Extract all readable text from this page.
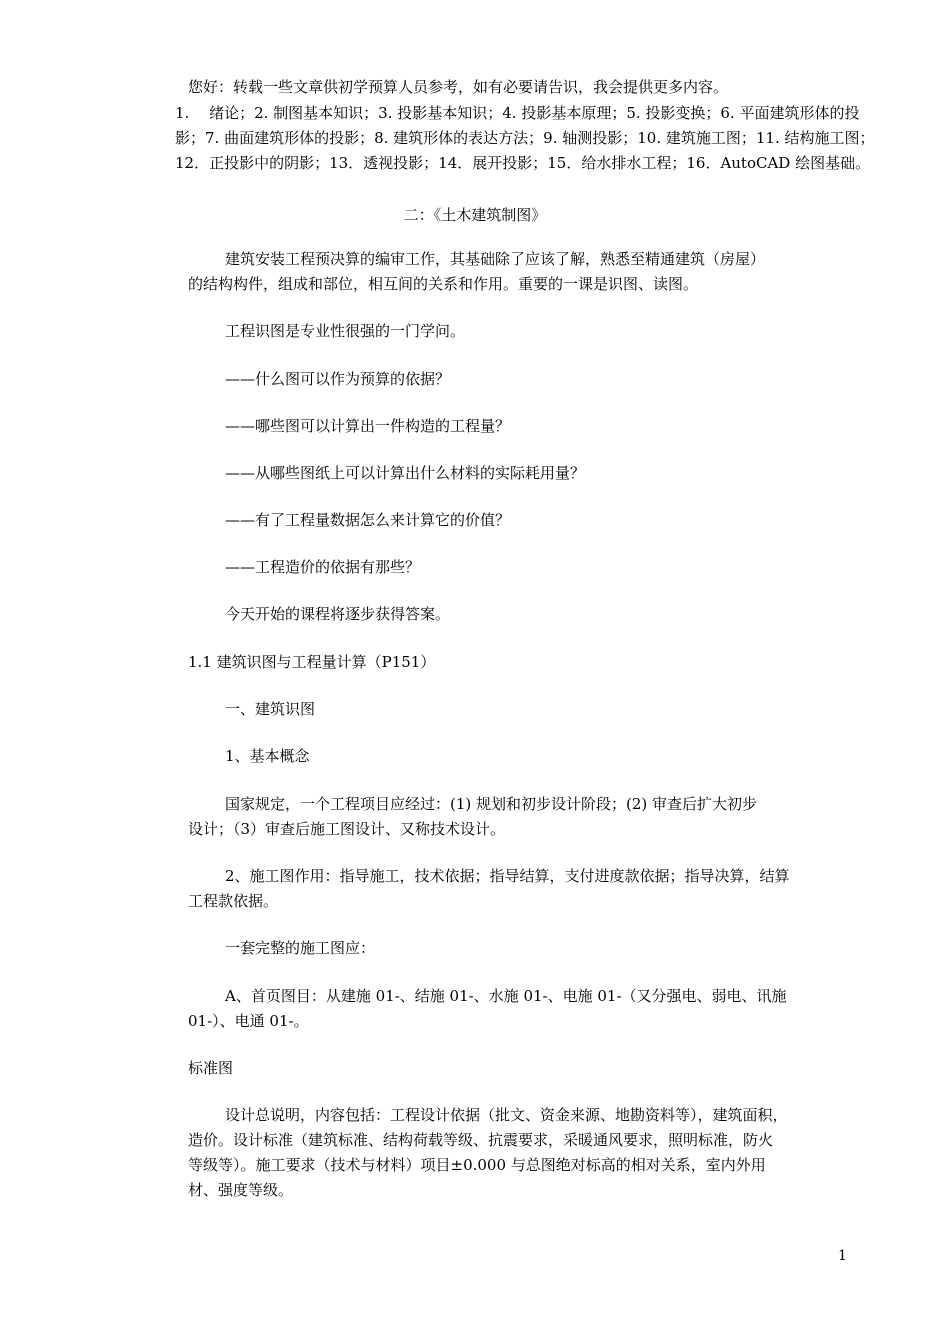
您好：转载一些文章供初学预算人员参考，如有必要请告识，我会提供更多内容。
1.　 绪论；2. 制图基本知识；3. 投影基本知识；4. 投影基本原理；5. 投影变换；6. 平面建筑形体的投
影；7. 曲面建筑形体的投影；8. 建筑形体的表达方法；9. 轴测投影；10. 建筑施工图；11. 结构施工图；
12．正投影中的阴影；13．透视投影；14．展开投影；15．给水排水工程；16．AutoCAD 绘图基础。
二：《土木建筑制图》
建筑安装工程预决算的编审工作，其基础除了应该了解，熟悉至精通建筑（房屋）
的结构构件，组成和部位，相互间的关系和作用。重要的一课是识图、读图。
工程识图是专业性很强的一门学问。
——什么图可以作为预算的依据？
——哪些图可以计算出一件构造的工程量？
——从哪些图纸上可以计算出什么材料的实际耗用量？
——有了工程量数据怎么来计算它的价值？
——工程造价的依据有那些？
今天开始的课程将逐步获得答案。
1.1 建筑识图与工程量计算（P151）
一、建筑识图
1、基本概念
国家规定，一个工程项目应经过：(1) 规划和初步设计阶段；(2) 审查后扩大初步
设计；（3）审查后施工图设计、又称技术设计。
2、施工图作用：指导施工，技术依据；指导结算，支付进度款依据；指导决算，结算
工程款依据。
一套完整的施工图应：
A、首页图目：从建施 01-、结施 01-、水施 01-、电施 01-（又分强电、弱电、讯施
01-）、电通 01-。
标准图
设计总说明，内容包括：工程设计依据（批文、资金来源、地勘资料等），建筑面积，
造价。设计标准（建筑标准、结构荷载等级、抗震要求，采暖通风要求，照明标准，防火
等级等）。施工要求（技术与材料）项目±0.000 与总图绝对标高的相对关系，室内外用
材、强度等级。
1
